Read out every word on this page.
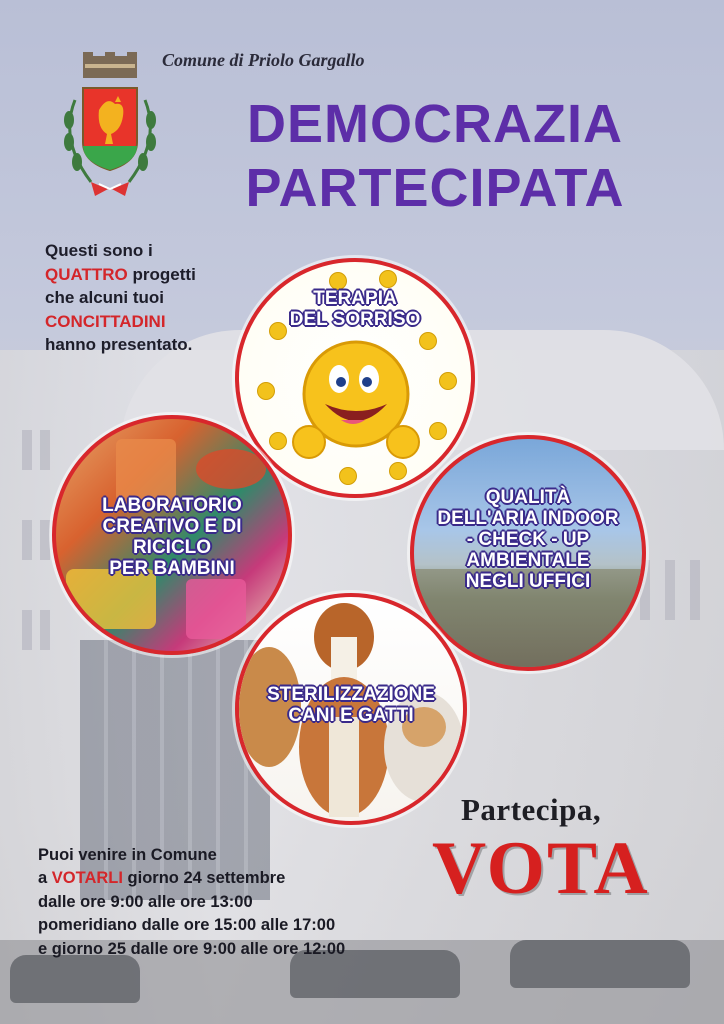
Comune di Priolo Gargallo
DEMOCRAZIA
PARTECIPATA
Questi sono i
QUATTRO progetti
che alcuni tuoi
CONCITTADINI
hanno presentato.
TERAPIA
DEL SORRISO
LABORATORIO
CREATIVO E DI
RICICLO
PER BAMBINI
QUALITÀ
DELL'ARIA INDOOR
- CHECK - UP
AMBIENTALE
NEGLI UFFICI
STERILIZZAZIONE
CANI E GATTI
Partecipa,
VOTA
Puoi venire in Comune
a VOTARLI giorno 24 settembre
dalle ore 9:00 alle ore 13:00
pomeridiano dalle ore 15:00 alle 17:00
e giorno 25 dalle ore 9:00 alle ore 12:00
